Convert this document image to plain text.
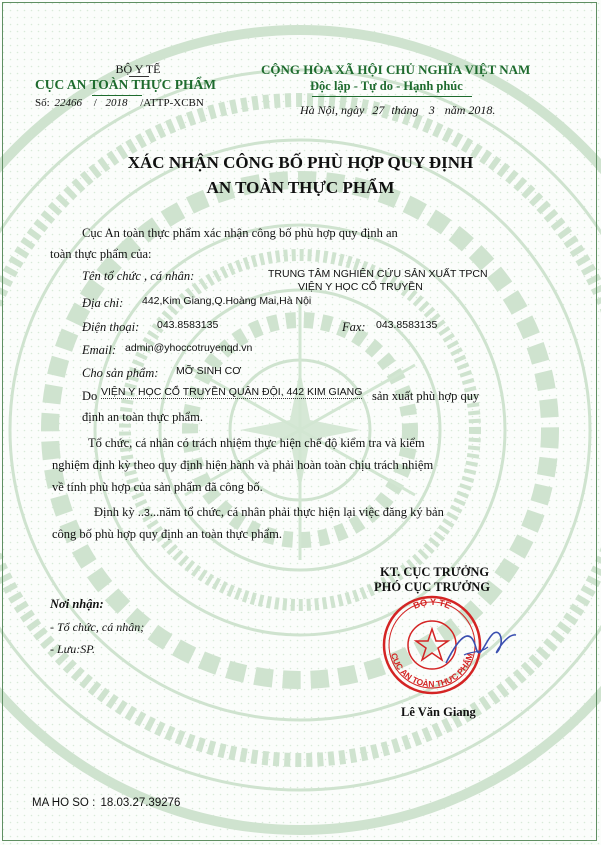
BỘ Y TẾ
CỤC AN TOÀN THỰC PHẨM
Số: 22466 / 2018 /ATTP-XCBN
CỘNG HÒA XÃ HỘI CHỦ NGHĨA VIỆT NAM
Độc lập - Tự do - Hạnh phúc
Hà Nội, ngày 27 tháng 3 năm 2018.
XÁC NHẬN CÔNG BỐ PHÙ HỢP QUY ĐỊNH
AN TOÀN THỰC PHẨM
Cục An toàn thực phẩm xác nhận công bố phù hợp quy định an
toàn thực phẩm của:
Tên tổ chức , cá nhân:	TRUNG TÂM NGHIÊN CỨU SẢN XUẤT TPCN
VIỆN Y HỌC CỔ TRUYỀN
Địa chỉ: 442,Kim Giang,Q.Hoàng Mai,Hà Nội
Điện thoại: 043.8583135	Fax: 043.8583135
Email: admin@yhoccotruyenqd.vn
Cho sản phẩm: MỠ SINH CƠ
Do VIỆN Y HỌC CỔ TRUYỀN QUÂN ĐỘI, 442 KIM GIANG sản xuất phù hợp quy
định an toàn thực phẩm.
Tổ chức, cá nhân có trách nhiệm thực hiện chế độ kiểm tra và kiểm
nghiệm định kỳ theo quy định hiện hành và phải hoàn toàn chịu trách nhiệm
về tính phù hợp của sản phẩm đã công bố.
Định kỳ ..3...năm tổ chức, cá nhân phải thực hiện lại việc đăng ký bản
công bố phù hợp quy định an toàn thực phẩm.
KT. CỤC TRƯỞNG
PHÓ CỤC TRƯỞNG
BỘ Y TẾ
CỤC AN TOÀN THỰC PHẨM
Lê Văn Giang
Nơi nhận:
- Tổ chức, cá nhân;
- Lưu:SP.
MA HO SO : 18.03.27.39276
